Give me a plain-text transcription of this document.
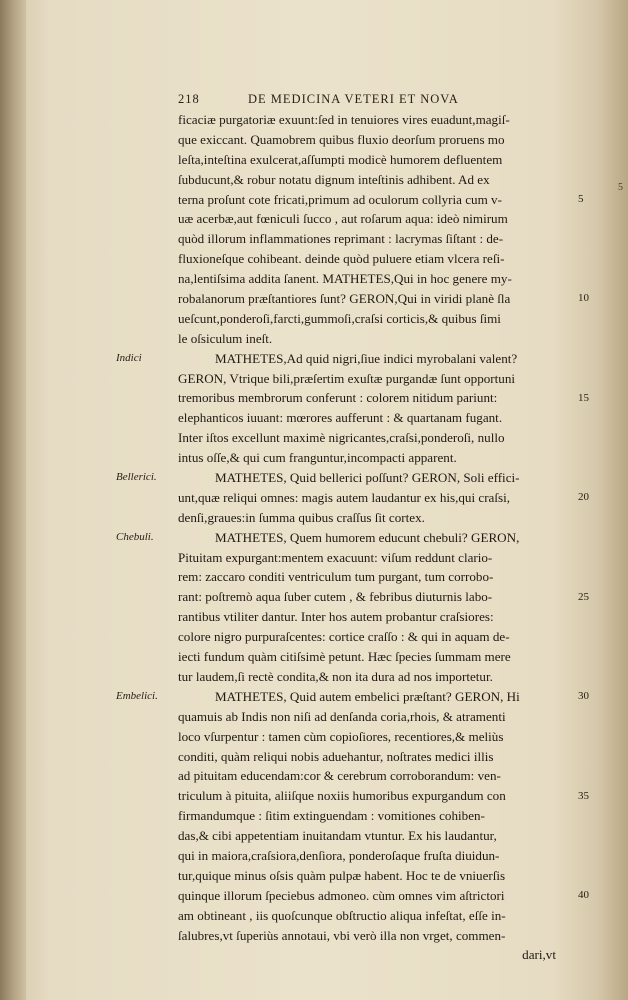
218	DE MEDICINA VETERI ET NOVA
ficaciæ purgatoriæ exuunt:ſed in tenuiores vires euadunt,magiſ-
que exiccant. Quamobrem quibus fluxio deorſum proruens mo
leſta,inteſtina exulcerat,aſſumpti modicè humorem defluentem
ſubducunt,& robur notatu dignum inteſtinis adhibent. Ad ex
terna proſunt cote fricati,primum ad oculorum collyria cum v-
uæ acerbæ,aut fœniculi ſucco , aut roſarum aqua: ideò nimirum
quòd illorum inflammationes reprimant : lacrymas ſiſtant : de-
fluxioneſque cohibeant. deinde quòd puluere etiam vlcera reſi-
na,lentiſsima addita ſanent. MATHETES,Qui in hoc genere my-
robalanorum præſtantiores ſunt? GERON,Qui in viridi planè ſla
ueſcunt,ponderoſi,farcti,gummoſi,craſsi corticis,& quibus ſimi
le oſsiculum ineſt.
MATHETES,Ad quid nigri,ſiue indici myrobalani valent?
GERON, Vtrique bili,præſertim exuſtæ purgandæ ſunt opportuni
tremoribus membrorum conferunt : colorem nitidum pariunt:
elephanticos iuuant: mœrores aufferunt : & quartanam fugant.
Inter iſtos excellunt maximè nigricantes,craſsi,ponderoſi, nullo
intus oſſe,& qui cum franguntur,incompacti apparent.
MATHETES, Quid bellerici poſſunt? GERON, Soli effici-
unt,quæ reliqui omnes: magis autem laudantur ex his,qui craſsi,
denſi,graues:in ſumma quibus craſſus ſit cortex.
MATHETES, Quem humorem educunt chebuli? GERON,
Pituitam expurgant:mentem exacuunt: viſum reddunt clario-
rem: zaccaro conditi ventriculum tum purgant, tum corrobo-
rant: poſtremò aqua ſuber cutem , & febribus diuturnis labo-
rantibus vtiliter dantur. Inter hos autem probantur craſsiores:
colore nigro purpuraſcentes: cortice craſſo : & qui in aquam de-
iecti fundum quàm citiſsimè petunt. Hæc ſpecies ſummam mere
tur laudem,ſi rectè condita,& non ita dura ad nos importetur.
MATHETES, Quid autem embelici præſtant? GERON, Hi
quamuis ab Indis non niſi ad denſanda coria,rhois, & atramenti
loco vſurpentur : tamen cùm copioſiores, recentiores,& meliùs
conditi, quàm reliqui nobis aduehantur, noſtrates medici illis
ad pituitam educendam:cor & cerebrum corroborandum: ven-
triculum à pituita, aliiſque noxiis humoribus expurgandum con
firmandumque : ſitim extinguendam : vomitiones cohiben-
das,& cibi appetentiam inuitandam vtuntur. Ex his laudantur,
qui in maiora,craſsiora,denſiora, ponderoſaque fruſta diuidun-
tur,quique minus oſsis quàm pulpæ habent. Hoc te de vniuerſis
quinque illorum ſpeciebus admoneo. cùm omnes vim aſtrictori
am obtineant , iis quoſcunque obſtructio aliqua infeſtat, eſſe in-
ſalubres,vt ſuperiùs annotaui, vbi verò illa non vrget, commen-
dari,vt
Indici
Bellerici.
Chebuli.
Embelici.
5
10
15
20
25
30
35
40
5
